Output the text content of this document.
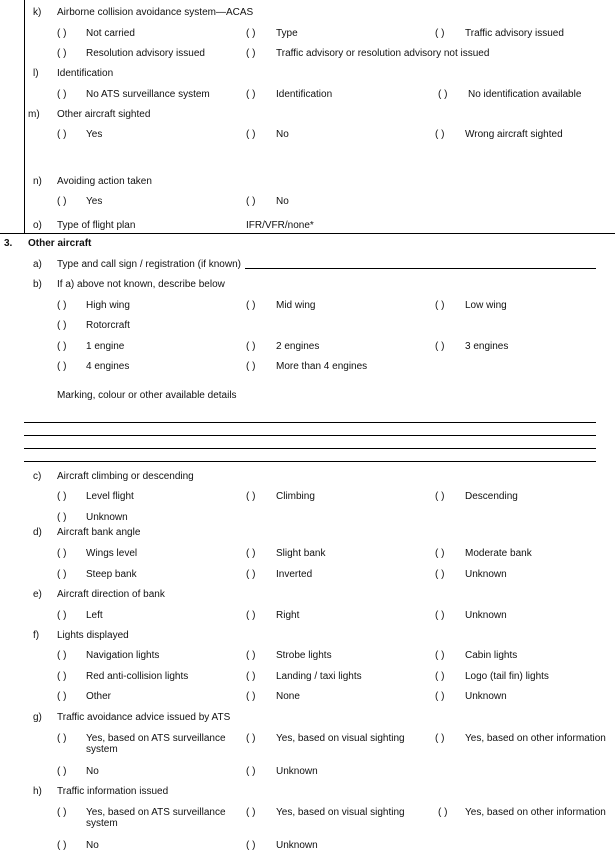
k) Airborne collision avoidance system—ACAS
( ) Not carried	( ) Type	( ) Traffic advisory issued
( ) Resolution advisory issued	( ) Traffic advisory or resolution advisory not issued
l) Identification
( ) No ATS surveillance system	( ) Identification	( ) No identification available
m) Other aircraft sighted
( ) Yes	( ) No	( ) Wrong aircraft sighted
n) Avoiding action taken
( ) Yes	( ) No
o) Type of flight plan	IFR/VFR/none*
3. Other aircraft
a) Type and call sign / registration (if known)
b) If a) above not known, describe below
( ) High wing	( ) Mid wing	( ) Low wing
( ) Rotorcraft
( ) 1 engine	( ) 2 engines	( ) 3 engines
( ) 4 engines	( ) More than 4 engines
Marking, colour or other available details
c) Aircraft climbing or descending
( ) Level flight	( ) Climbing	( ) Descending
( ) Unknown
d) Aircraft bank angle
( ) Wings level	( ) Slight bank	( ) Moderate bank
( ) Steep bank	( ) Inverted	( ) Unknown
e) Aircraft direction of bank
( ) Left	( ) Right	( ) Unknown
f) Lights displayed
( ) Navigation lights	( ) Strobe lights	( ) Cabin lights
( ) Red anti-collision lights	( ) Landing / taxi lights	( ) Logo (tail fin) lights
( ) Other	( ) None	( ) Unknown
g) Traffic avoidance advice issued by ATS
( ) Yes, based on ATS surveillance system
( ) Yes, based on visual sighting	( ) Yes, based on other information
( ) No	( ) Unknown
h) Traffic information issued
( ) Yes, based on ATS surveillance system
( ) Yes, based on visual sighting	( ) Yes, based on other information
( ) No	( ) Unknown
